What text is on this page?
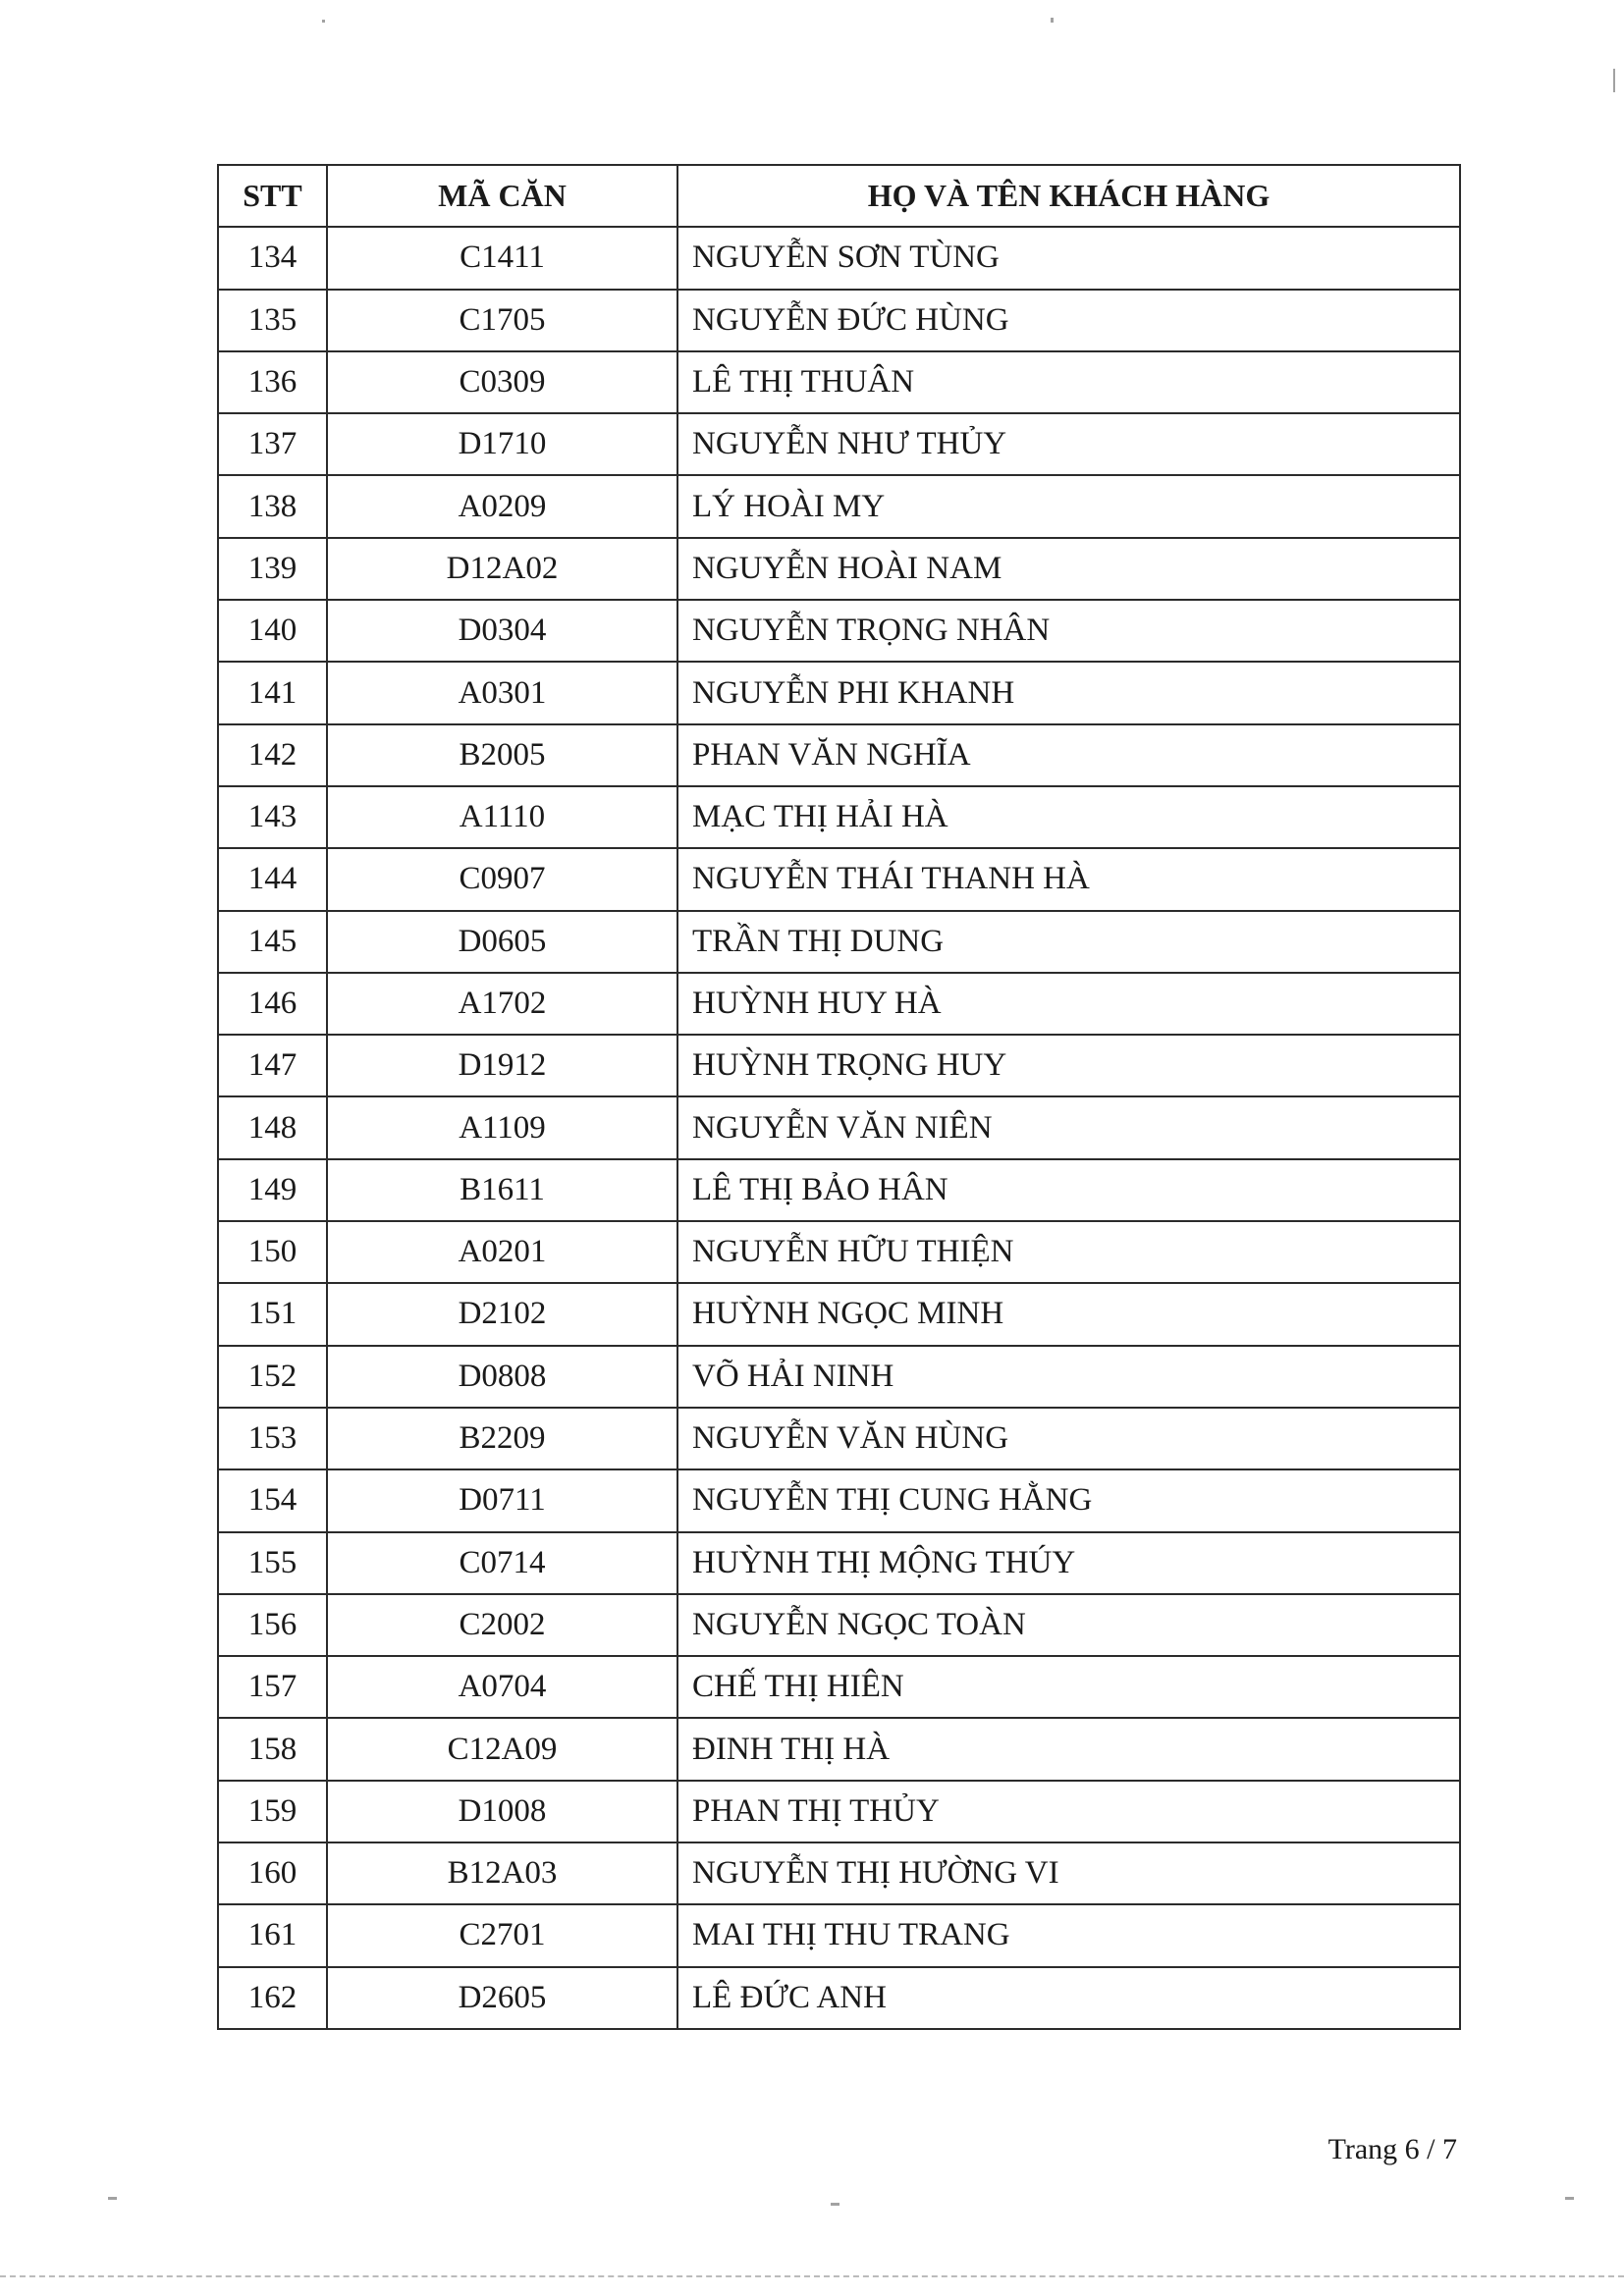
STT	MÃ CĂN	HỌ VÀ TÊN KHÁCH HÀNG
134	C1411	NGUYỄN SƠN TÙNG
135	C1705	NGUYỄN ĐỨC HÙNG
136	C0309	LÊ THỊ THUÂN
137	D1710	NGUYỄN NHƯ THỦY
138	A0209	LÝ HOÀI MY
139	D12A02	NGUYỄN HOÀI NAM
140	D0304	NGUYỄN TRỌNG NHÂN
141	A0301	NGUYỄN PHI KHANH
142	B2005	PHAN VĂN NGHĨA
143	A1110	MẠC THỊ HẢI HÀ
144	C0907	NGUYỄN THÁI THANH HÀ
145	D0605	TRẦN THỊ DUNG
146	A1702	HUỲNH HUY HÀ
147	D1912	HUỲNH TRỌNG HUY
148	A1109	NGUYỄN VĂN NIÊN
149	B1611	LÊ THỊ BẢO HÂN
150	A0201	NGUYỄN HỮU THIỆN
151	D2102	HUỲNH NGỌC MINH
152	D0808	VÕ HẢI NINH
153	B2209	NGUYỄN VĂN HÙNG
154	D0711	NGUYỄN THỊ CUNG HẰNG
155	C0714	HUỲNH THỊ MỘNG THÚY
156	C2002	NGUYỄN NGỌC TOÀN
157	A0704	CHẾ THỊ HIÊN
158	C12A09	ĐINH THỊ HÀ
159	D1008	PHAN THỊ THỦY
160	B12A03	NGUYỄN THỊ HƯỜNG VI
161	C2701	MAI THỊ THU TRANG
162	D2605	LÊ ĐỨC ANH
Trang 6 / 7
